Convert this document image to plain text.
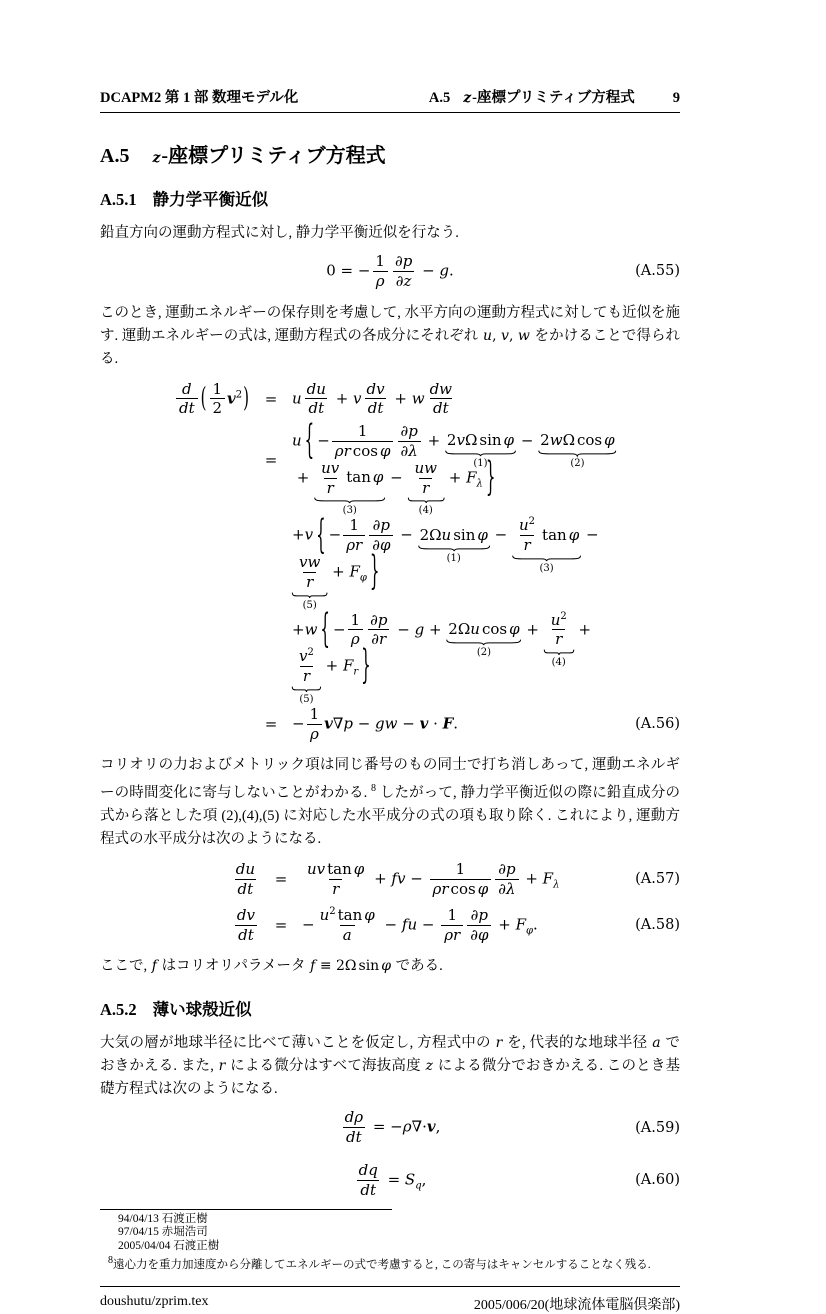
DCAPM2 第 1 部 数理モデル化	A.5 z-座標プリミティブ方程式	9
A.5 z-座標プリミティブ方程式
A.5.1 静力学平衡近似

鉛直方向の運動方程式に対し, 静力学平衡近似を行なう.

0 = − $\frac{1}{\rho} \frac{\partial p}{\partial z} - g$.	(A.55)

このとき, 運動エネルギーの保存則を考慮して, 水平方向の運動方程式に対しても近似を施す. 運動エネルギーの式は, 運動方程式の各成分にそれぞれ u, v, w をかけることで得られる.

$\frac{d}{dt}$ ( $\frac{1}{2} v^2$)	= u $\frac{du}{dt} + v \frac{dv}{dt} + w \frac{dw}{dt}$
=
u { − $\frac{1}{\text{ρr cos φ}} \frac{\partial p}{\partial\lambda} + 2v\Omega$ sin φ
(1)
− 2wΩ cos φ
(2)
+ $\frac{uv}{r}$ tan φ
(3)
− $\frac{uw}{r}$
(4)
+ $F_\lambda$ }
+v { − $\frac{1}{\rho r} \frac{\partial p}{\partial\varphi} - 2\Omega u$ sin φ
(1)
− $\frac{u^2}{r}$ tan φ
(3)
−
$\frac{vw}{r}$
(5)
+ $F_\varphi$ }
+w { − $\frac{1}{\rho} \frac{\partial p}{\partial r} - g + 2\Omega u$ cos φ
(2)
+ $\frac{u^2}{r}$
(4)
+
$\frac{v^2}{r}$
(5)
+ $F_r$ }
= − $\frac{1}{\rho} v\nabla p$ − gw − v · F.	(A.56)

コリオリの力およびメトリック項は同じ番号のもの同士で打ち消しあって, 運動エネルギーの時間変化に寄与しないことがわかる. $^8$ したがって, 静力学平衡近似の際に鉛直成分の式から落とした項 (2),(4),(5) に対応した水平成分の式の項も取り除く. これにより, 運動方程式の水平成分は次のようになる.

$\frac{du}{dt}$	=	$\frac{\text{uv tan φ}}{r}$ + fv − $\frac{1}{\text{ρr cos φ}} \frac{\partial p}{\partial\lambda} + F_\lambda$	(A.57)
$\frac{dv}{dt}$	= − $\frac{u^2 \tan \varphi}{a}$ − fu − $\frac{1}{\rho r} \frac{\partial p}{\partial\varphi} + F_\varphi$.	(A.58)

ここで, f はコリオリパラメータ f ≡ 2Ω sin φ である.

A.5.2 薄い球殻近似

大気の層が地球半径に比べて薄いことを仮定し, 方程式中の r を, 代表的な地球半径 a でおきかえる. また, r による微分はすべて海抜高度 z による微分でおきかえる. このとき基礎方程式は次のようになる.

$\frac{d\rho}{dt} = -\rho\nabla\cdot v$,	(A.59)
$\frac{dq}{dt} = S_q$,	(A.60)
94/04/13 石渡正樹
97/04/15 赤堀浩司
2005/04/04 石渡正樹
$^8$遠心力を重力加速度から分離してエネルギーの式で考慮すると, この寄与はキャンセルすることなく残る.
doushutu/zprim.tex	2005/006/20(地球流体電脳倶楽部)
